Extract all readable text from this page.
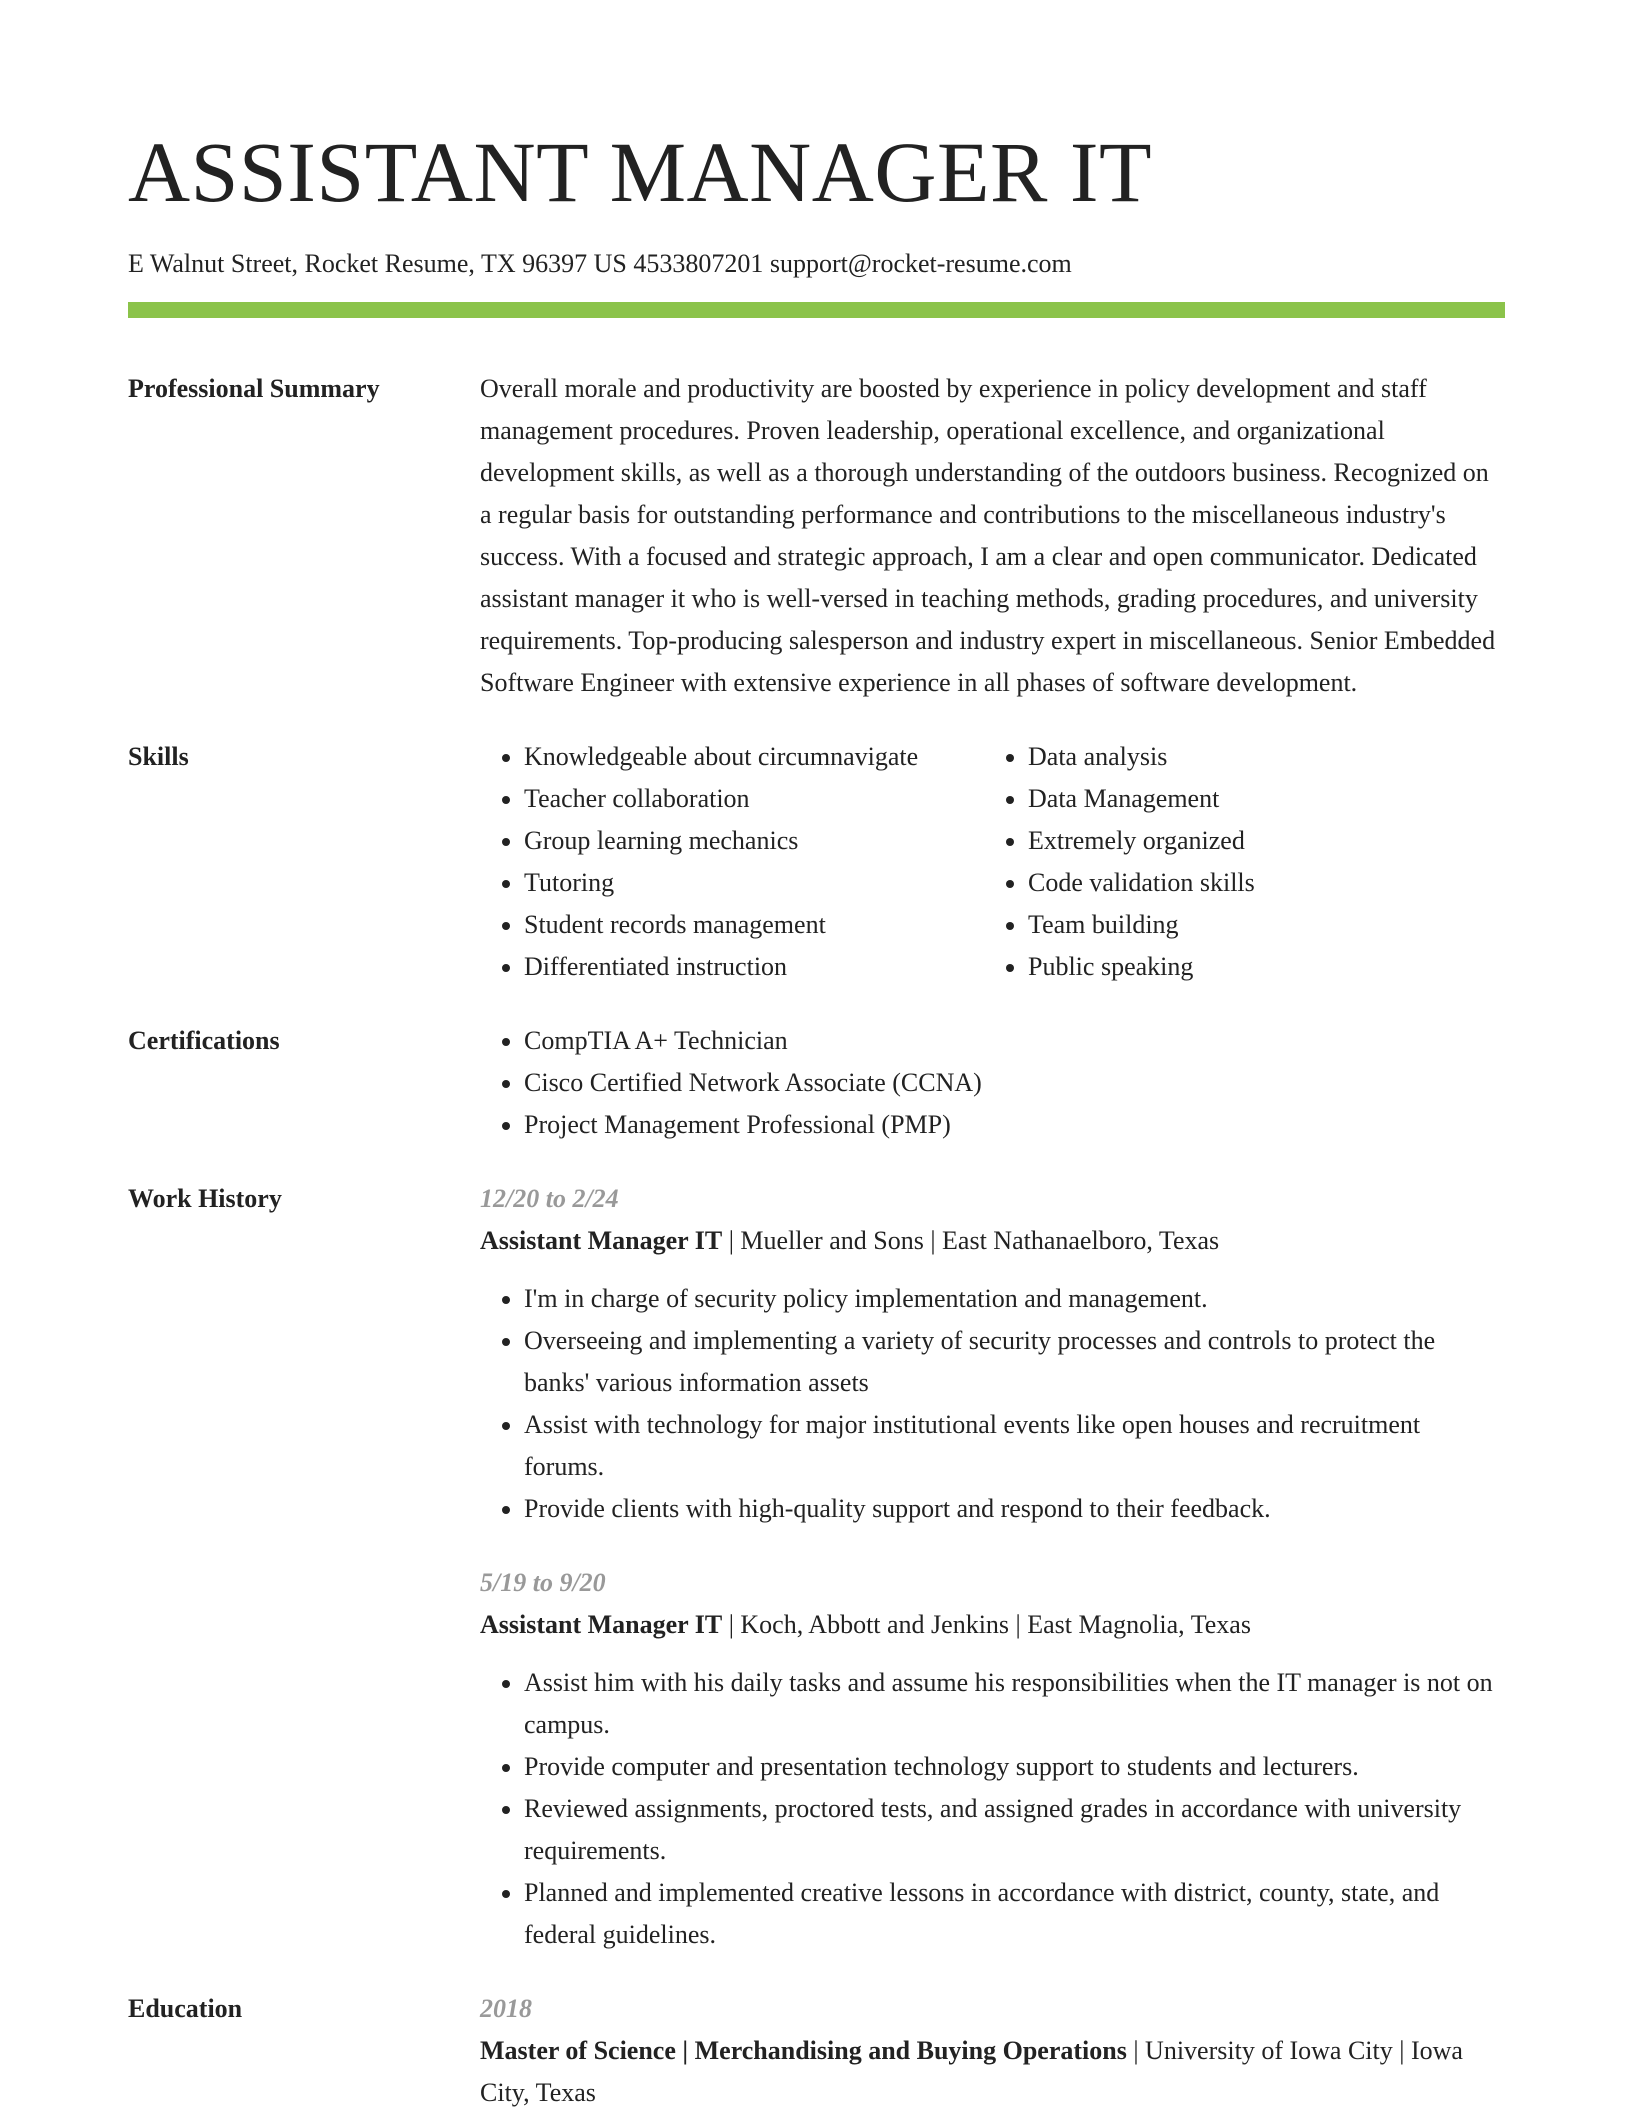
ASSISTANT MANAGER IT
E Walnut Street, Rocket Resume, TX 96397 US 4533807201 support@rocket-resume.com
Professional Summary	Overall morale and productivity are boosted by experience in policy development and staff management procedures. Proven leadership, operational excellence, and organizational development skills, as well as a thorough understanding of the outdoors business. Recognized on a regular basis for outstanding performance and contributions to the miscellaneous industry's success. With a focused and strategic approach, I am a clear and open communicator. Dedicated assistant manager it who is well-versed in teaching methods, grading procedures, and university requirements. Top-producing salesperson and industry expert in miscellaneous. Senior Embedded Software Engineer with extensive experience in all phases of software development.

Skills	• Knowledgeable about circumnavigate
• Teacher collaboration
• Group learning mechanics
• Tutoring
• Student records management
• Differentiated instruction
• Data analysis
• Data Management
• Extremely organized
• Code validation skills
• Team building
• Public speaking
Certifications	• CompTIA A+ Technician
• Cisco Certified Network Associate (CCNA)
• Project Management Professional (PMP)
Work History	12/20 to 2/24
Assistant Manager IT | Mueller and Sons | East Nathanaelboro, Texas
• I'm in charge of security policy implementation and management.
• Overseeing and implementing a variety of security processes and controls to protect the banks' various information assets
• Assist with technology for major institutional events like open houses and recruitment forums.
• Provide clients with high-quality support and respond to their feedback.
5/19 to 9/20
Assistant Manager IT | Koch, Abbott and Jenkins | East Magnolia, Texas
• Assist him with his daily tasks and assume his responsibilities when the IT manager is not on campus.
• Provide computer and presentation technology support to students and lecturers.
• Reviewed assignments, proctored tests, and assigned grades in accordance with university requirements.
• Planned and implemented creative lessons in accordance with district, county, state, and federal guidelines.
Education	2018
Master of Science | Merchandising and Buying Operations | University of Iowa City | Iowa City, Texas
